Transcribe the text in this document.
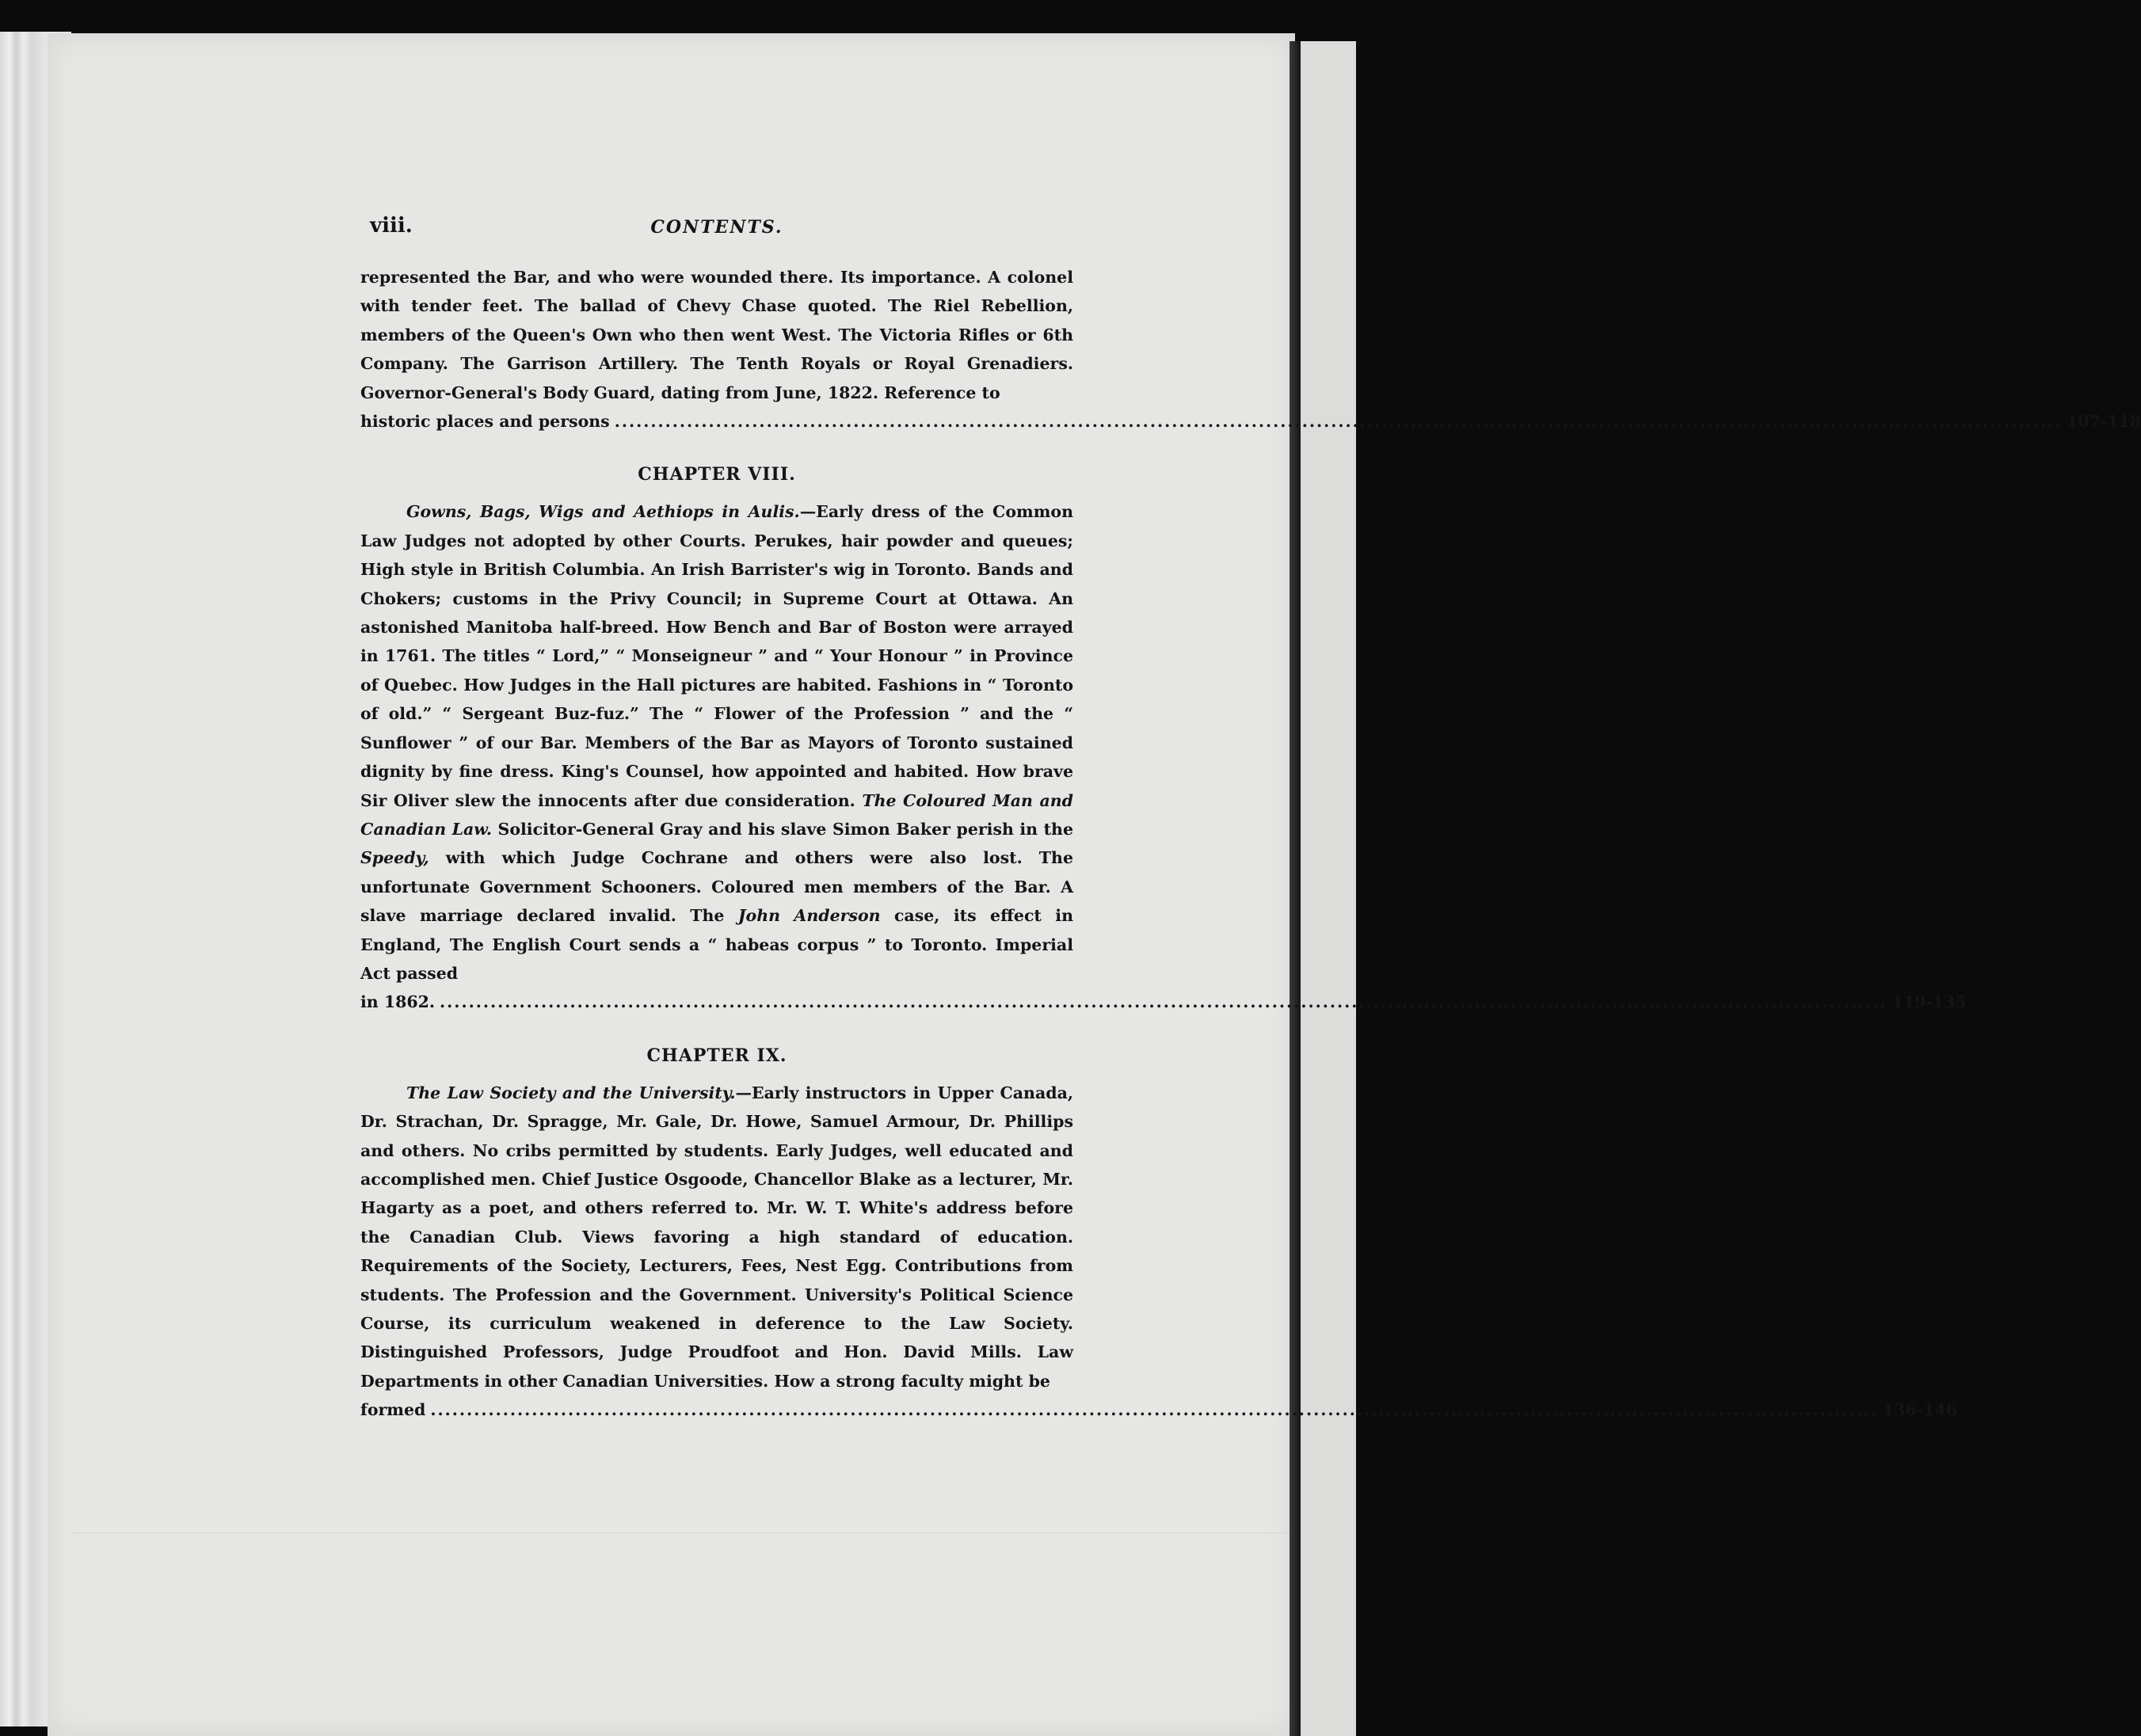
viii.	CONTENTS.

represented the Bar, and who were wounded there. Its importance. A colonel with tender feet. The ballad of Chevy Chase quoted. The Riel Rebellion, members of the Queen's Own who then went West. The Victoria Rifles or 6th Company. The Garrison Artillery. The Tenth Royals or Royal Grenadiers. Governor-General's Body Guard, dating from June, 1822. Reference to

historic places and persons ........................................................................................................................................................................................................ 107-118
CHAPTER VIII.

Gowns, Bags, Wigs and Aethiops in Aulis.—Early dress of the Common Law Judges not adopted by other Courts. Perukes, hair powder and queues; High style in British Columbia. An Irish Barrister's wig in Toronto. Bands and Chokers; customs in the Privy Council; in Supreme Court at Ottawa. An astonished Manitoba half-breed. How Bench and Bar of Boston were arrayed in 1761. The titles “ Lord,” “ Monseigneur ” and “ Your Honour ” in Province of Quebec. How Judges in the Hall pictures are habited. Fashions in “ Toronto of old.” “ Sergeant Buz-fuz.” The “ Flower of the Profession ” and the “ Sunflower ” of our Bar. Members of the Bar as Mayors of Toronto sustained dignity by fine dress. King's Counsel, how appointed and habited. How brave Sir Oliver slew the innocents after due consideration. The Coloured Man and Canadian Law. Solicitor-General Gray and his slave Simon Baker perish in the Speedy, with which Judge Cochrane and others were also lost. The unfortunate Government Schooners. Coloured men members of the Bar. A slave marriage declared invalid. The John Anderson case, its effect in England, The English Court sends a “ habeas corpus ” to Toronto. Imperial Act passed

in 1862. ........................................................................................................................................................................................................ 119-135
CHAPTER IX.

The Law Society and the University.—Early instructors in Upper Canada, Dr. Strachan, Dr. Spragge, Mr. Gale, Dr. Howe, Samuel Armour, Dr. Phillips and others. No cribs permitted by students. Early Judges, well educated and accomplished men. Chief Justice Osgoode, Chancellor Blake as a lecturer, Mr. Hagarty as a poet, and others referred to. Mr. W. T. White's address before the Canadian Club. Views favoring a high standard of education. Requirements of the Society, Lecturers, Fees, Nest Egg. Contributions from students. The Profession and the Government. University's Political Science Course, its curriculum weakened in deference to the Law Society. Distinguished Professors, Judge Proudfoot and Hon. David Mills. Law Departments in other Canadian Universities. How a strong faculty might be

formed ........................................................................................................................................................................................................ 136-146
